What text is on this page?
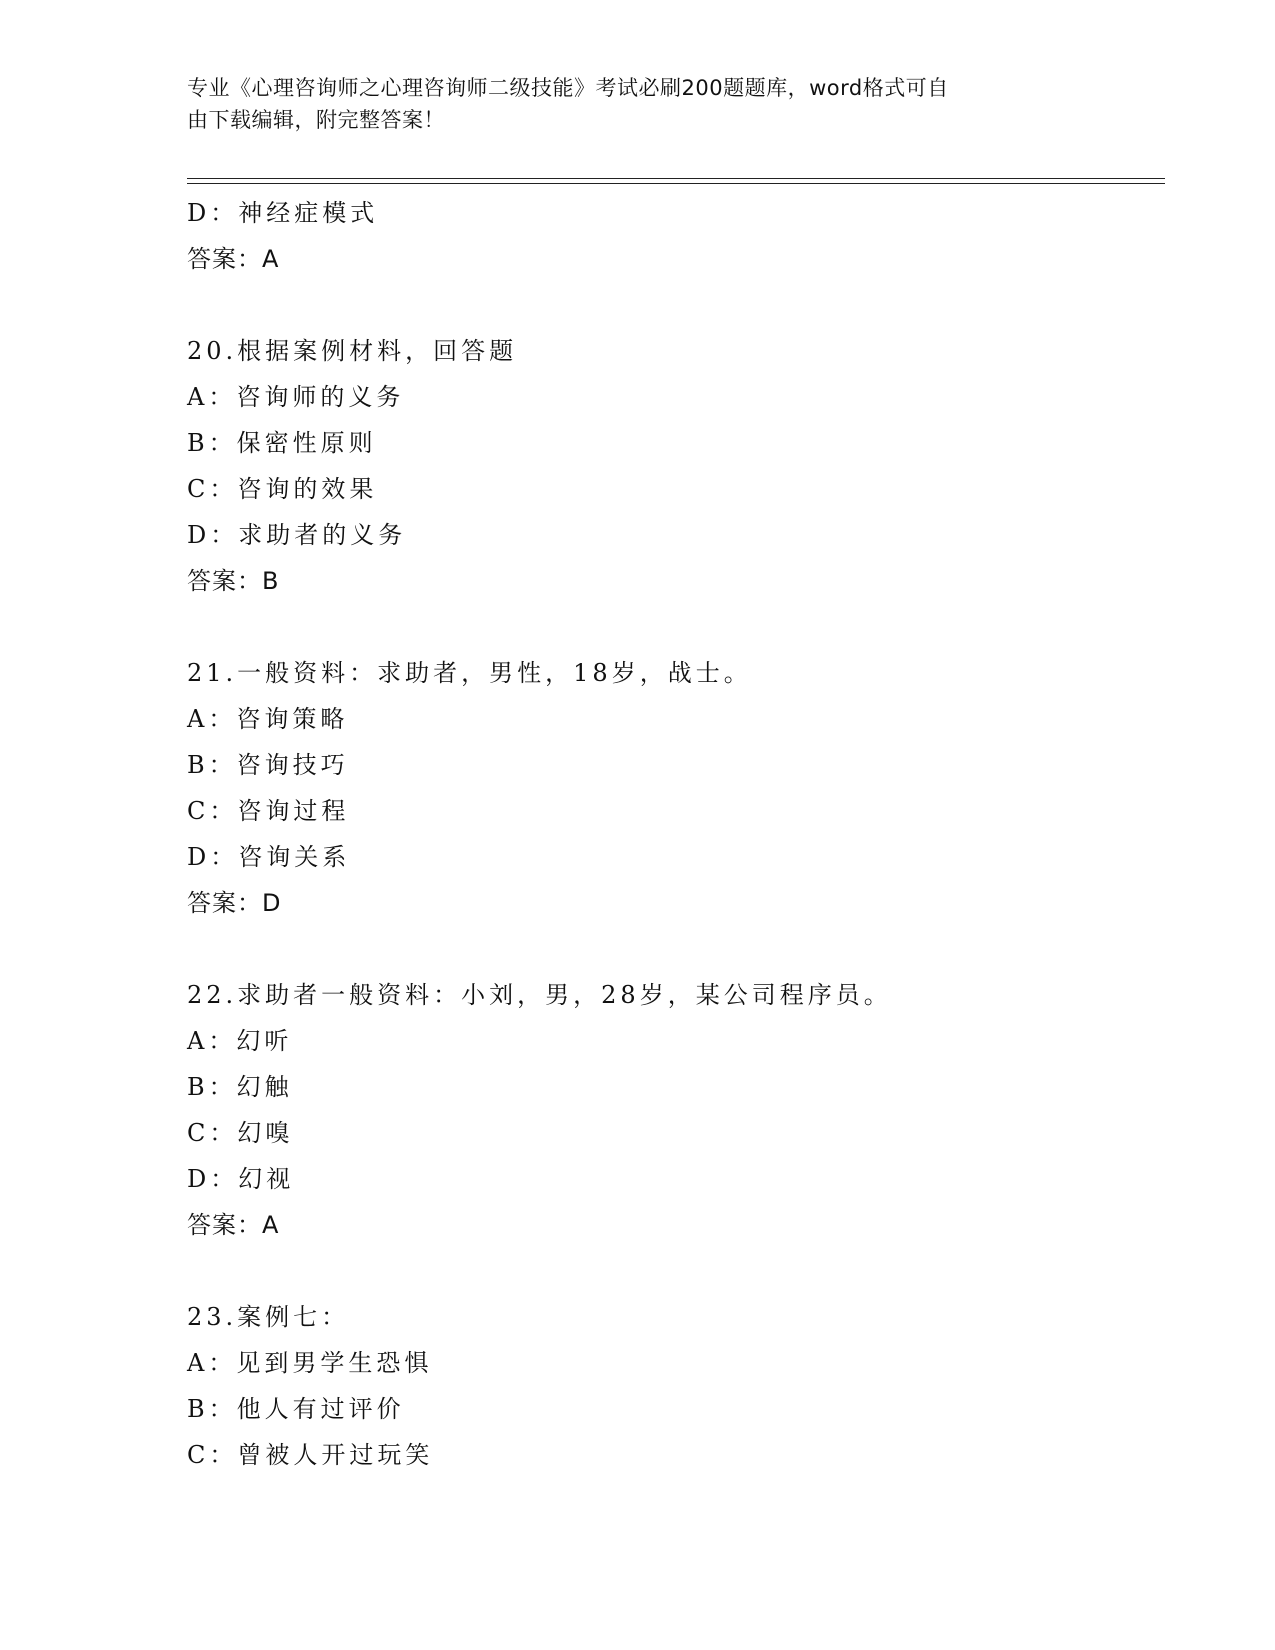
专业《心理咨询师之心理咨询师二级技能》考试必刷200题题库，word格式可自
由下载编辑，附完整答案！
D：神经症模式
答案：A
20.根据案例材料，回答题
A：咨询师的义务
B：保密性原则
C：咨询的效果
D：求助者的义务
答案：B
21.一般资料：求助者，男性，18岁，战士。
A：咨询策略
B：咨询技巧
C：咨询过程
D：咨询关系
答案：D
22.求助者一般资料：小刘，男，28岁，某公司程序员。
A：幻听
B：幻触
C：幻嗅
D：幻视
答案：A
23.案例七：
A：见到男学生恐惧
B：他人有过评价
C：曾被人开过玩笑
